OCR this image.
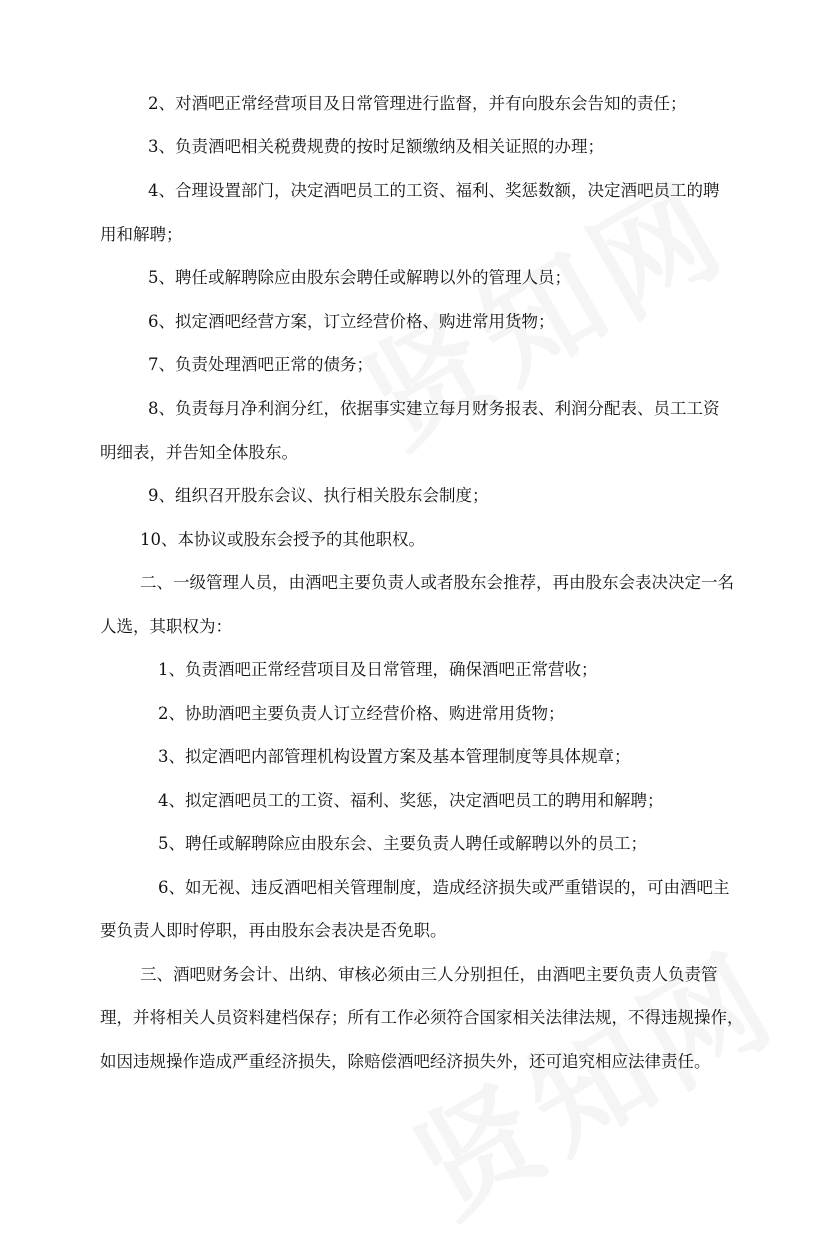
2、对酒吧正常经营项目及日常管理进行监督，并有向股东会告知的责任；
3、负责酒吧相关税费规费的按时足额缴纳及相关证照的办理；
4、合理设置部门，决定酒吧员工的工资、福利、奖惩数额，决定酒吧员工的聘
用和解聘；
5、聘任或解聘除应由股东会聘任或解聘以外的管理人员；
6、拟定酒吧经营方案，订立经营价格、购进常用货物；
7、负责处理酒吧正常的债务；
8、负责每月净利润分红，依据事实建立每月财务报表、利润分配表、员工工资
明细表，并告知全体股东。
9、组织召开股东会议、执行相关股东会制度；
10、本协议或股东会授予的其他职权。
二、一级管理人员，由酒吧主要负责人或者股东会推荐，再由股东会表决决定一名
人选，其职权为：
1、负责酒吧正常经营项目及日常管理，确保酒吧正常营收；
2、协助酒吧主要负责人订立经营价格、购进常用货物；
3、拟定酒吧内部管理机构设置方案及基本管理制度等具体规章；
4、拟定酒吧员工的工资、福利、奖惩，决定酒吧员工的聘用和解聘；
5、聘任或解聘除应由股东会、主要负责人聘任或解聘以外的员工；
6、如无视、违反酒吧相关管理制度，造成经济损失或严重错误的，可由酒吧主
要负责人即时停职，再由股东会表决是否免职。
三、酒吧财务会计、出纳、审核必须由三人分别担任，由酒吧主要负责人负责管
理，并将相关人员资料建档保存；所有工作必须符合国家相关法律法规，不得违规操作，
如因违规操作造成严重经济损失，除赔偿酒吧经济损失外，还可追究相应法律责任。
